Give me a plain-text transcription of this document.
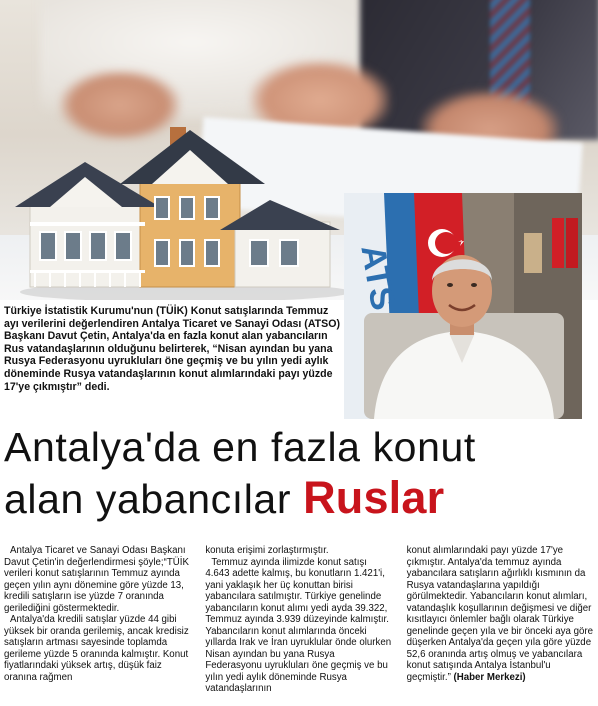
ATS

Türkiye İstatistik Kurumu'nun (TÜİK) Konut satışlarında Temmuz ayı verilerini değerlendiren Antalya Ticaret ve Sanayi Odası (ATSO) Başkanı Davut Çetin, Antalya'da en fazla konut alan yabancıların Rus vatandaşlarının olduğunu belirterek, “Nisan ayından bu yana Rusya Federasyonu uyrukluları öne geçmiş ve bu yılın yedi aylık döneminde Rusya vatandaşlarının konut alımlarındaki payı yüzde 17'ye çıkmıştır” dedi.

Antalya'da en fazla konut
alan yabancılar Ruslar

Antalya Ticaret ve Sanayi Odası Başkanı Davut Çetin'in değerlendirmesi şöyle;“TÜİK verileri konut satışlarının Temmuz ayında geçen yılın aynı dönemine göre yüzde 13, kredili satışların ise yüzde 7 oranında gerilediğini göstermektedir.

Antalya'da kredili satışlar yüzde 44 gibi yüksek bir oranda gerilemiş, ancak kredisiz satışların artması sayesinde toplamda gerileme yüzde 5 oranında kalmıştır. Konut fiyatlarındaki yüksek artış, düşük faiz oranına rağmen

konuta erişimi zorlaştırmıştır.

Temmuz ayında ilimizde konut satışı 4.643 adette kalmış, bu konutların 1.421'i, yani yaklaşık her üç konuttan birisi yabancılara satılmıştır. Türkiye genelinde yabancıların konut alımı yedi ayda 39.322, Temmuz ayında 3.939 düzeyinde kalmıştır. Yabancıların konut alımlarında önceki yıllarda Irak ve İran uyruklular önde olurken Nisan ayından bu yana Rusya Federasyonu uyrukluları öne geçmiş ve bu yılın yedi aylık döneminde Rusya vatandaşlarının

konut alımlarındaki payı yüzde 17'ye çıkmıştır. Antalya'da temmuz ayında yabancılara satışların ağırlıklı kısmının da Rusya vatandaşlarına yapıldığı görülmektedir. Yabancıların konut alımları, vatandaşlık koşullarının değişmesi ve diğer kısıtlayıcı önlemler bağlı olarak Türkiye genelinde geçen yıla ve bir önceki aya göre düşerken Antalya'da geçen yıla göre yüzde 52,6 oranında artış olmuş ve yabancılara konut satışında Antalya İstanbul'u geçmiştir.” (Haber Merkezi)
